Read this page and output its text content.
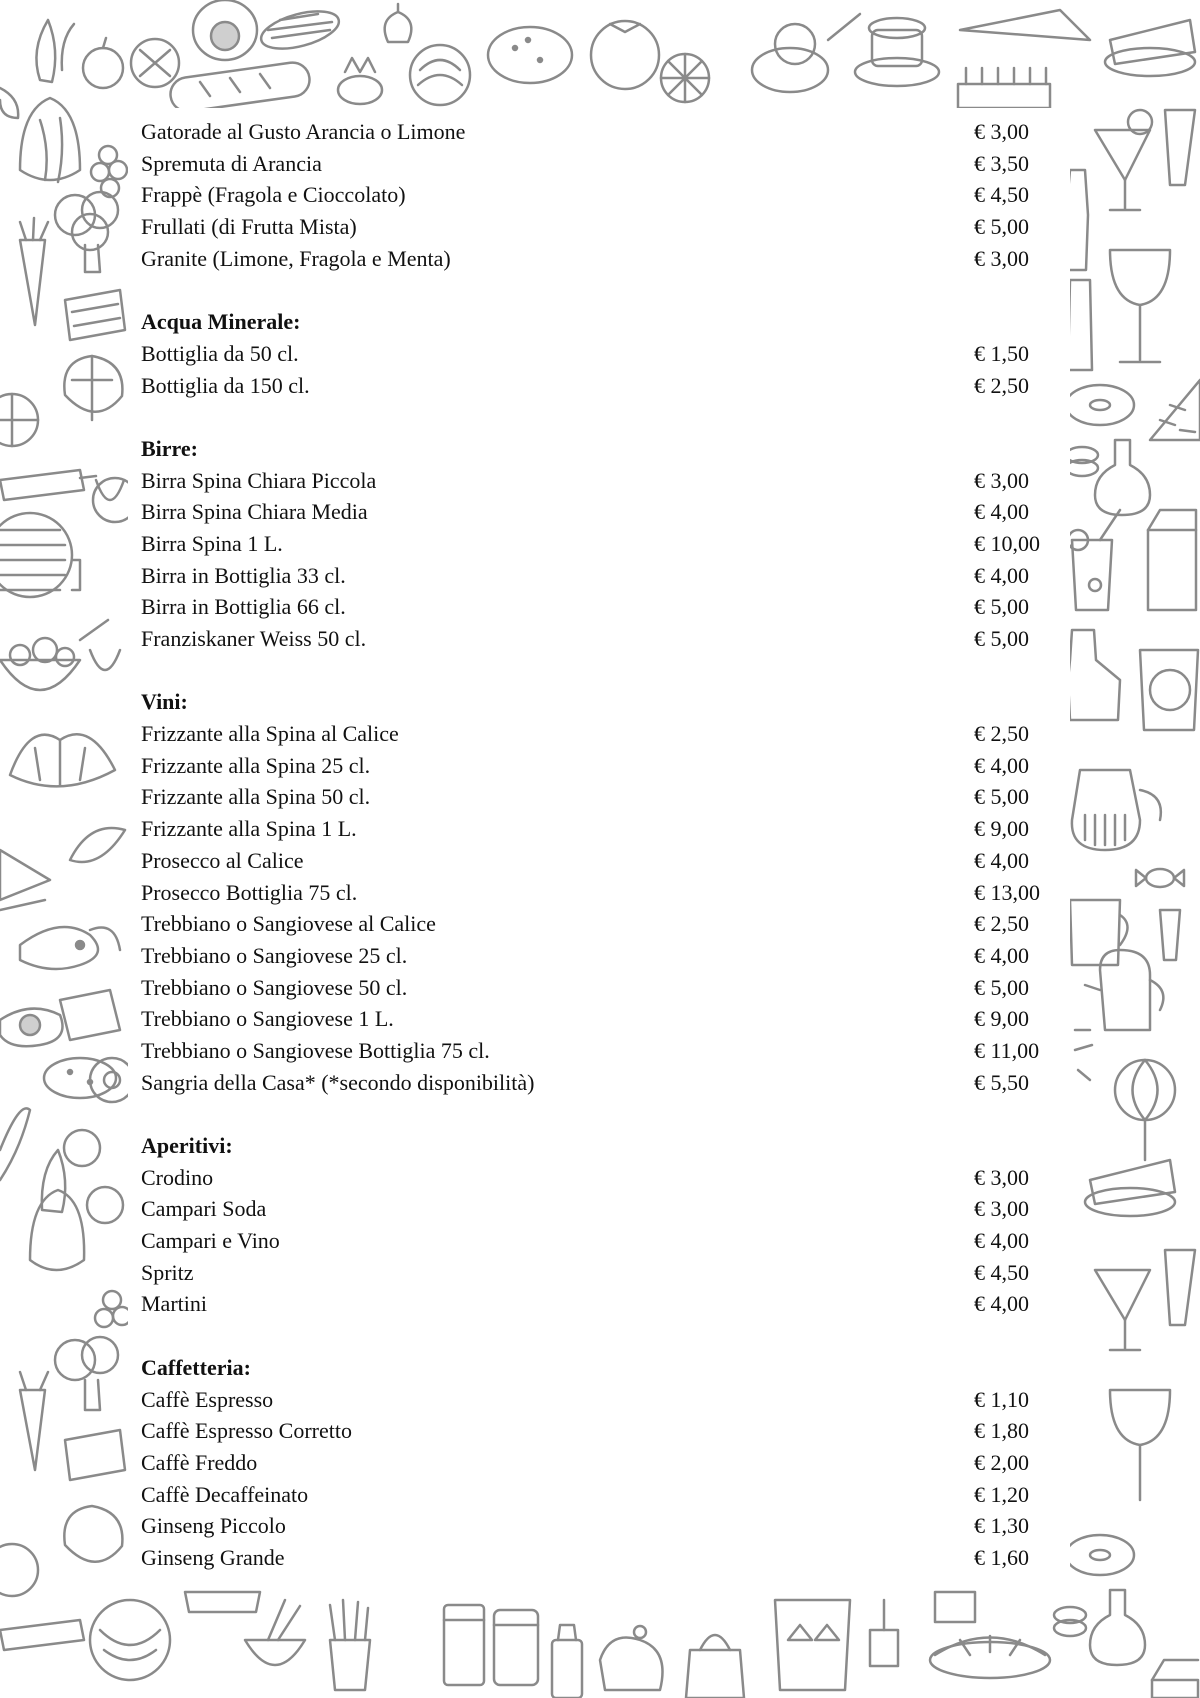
Gatorade al Gusto Arancia o Limone	€ 3,00
Spremuta di Arancia	€ 3,50
Frappè (Fragola e Cioccolato)	€ 4,50
Frullati (di Frutta Mista)	€ 5,00
Granite (Limone, Fragola e Menta)	€ 3,00
Acqua Minerale:
Bottiglia da 50 cl.	€ 1,50
Bottiglia da 150 cl.	€ 2,50
Birre:
Birra Spina Chiara Piccola	€ 3,00
Birra Spina Chiara Media	€ 4,00
Birra Spina 1 L.	€ 10,00
Birra in Bottiglia 33 cl.	€ 4,00
Birra in Bottiglia 66 cl.	€ 5,00
Franziskaner Weiss 50 cl.	€ 5,00
Vini:
Frizzante alla Spina al Calice	€ 2,50
Frizzante alla Spina 25 cl.	€ 4,00
Frizzante alla Spina 50 cl.	€ 5,00
Frizzante alla Spina 1 L.	€ 9,00
Prosecco al Calice	€ 4,00
Prosecco Bottiglia 75 cl.	€ 13,00
Trebbiano o Sangiovese al Calice	€ 2,50
Trebbiano o Sangiovese 25 cl.	€ 4,00
Trebbiano o Sangiovese 50 cl.	€ 5,00
Trebbiano o Sangiovese 1 L.	€ 9,00
Trebbiano o Sangiovese Bottiglia 75 cl.	€ 11,00
Sangria della Casa* (*secondo disponibilità)	€ 5,50
Aperitivi:
Crodino	€ 3,00
Campari Soda	€ 3,00
Campari e Vino	€ 4,00
Spritz	€ 4,50
Martini	€ 4,00
Caffetteria:
Caffè Espresso	€ 1,10
Caffè Espresso Corretto	€ 1,80
Caffè Freddo	€ 2,00
Caffè Decaffeinato	€ 1,20
Ginseng Piccolo	€ 1,30
Ginseng Grande	€ 1,60
